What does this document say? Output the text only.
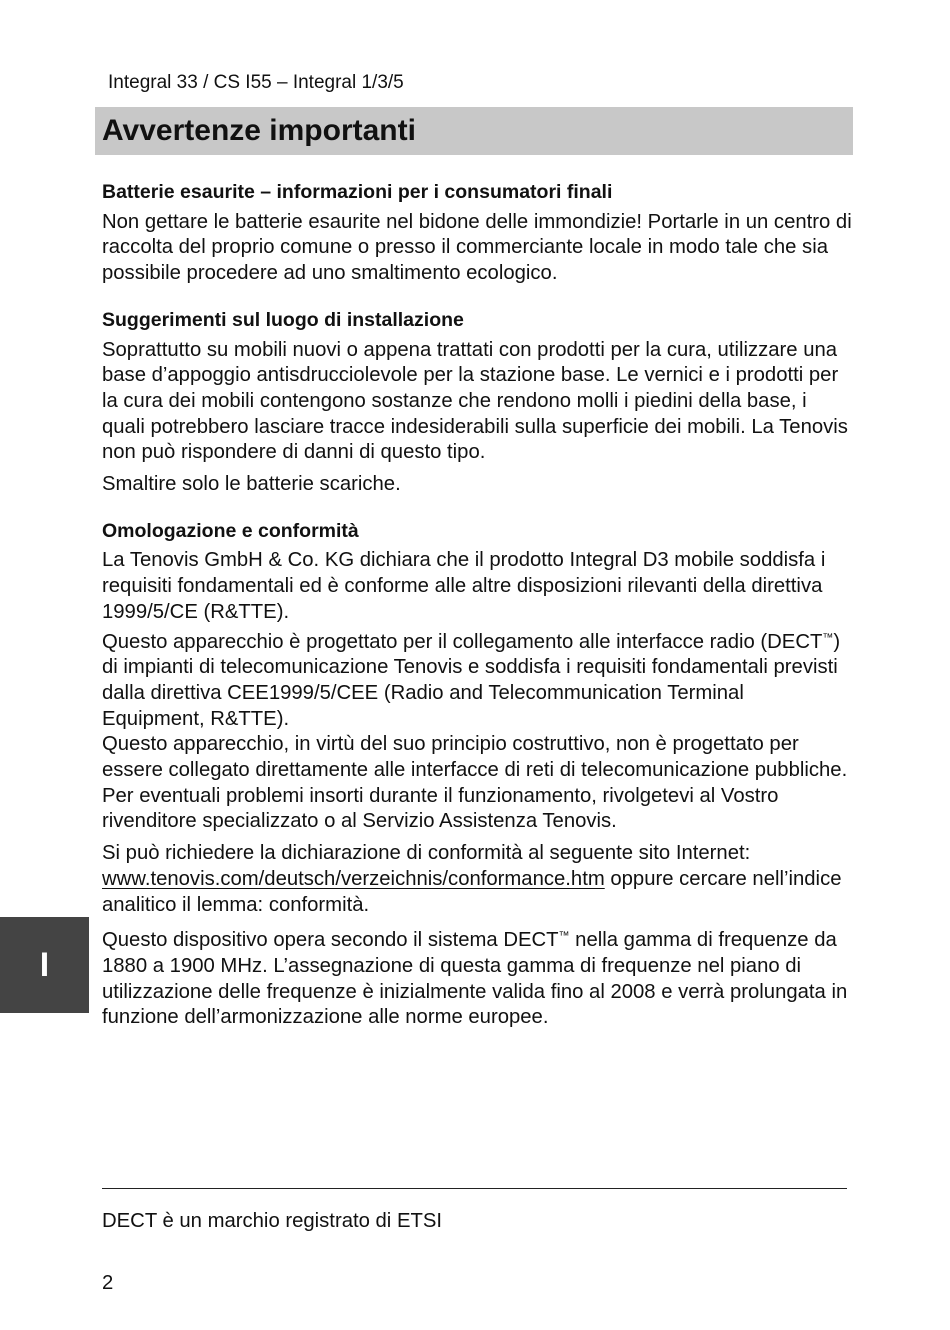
Integral 33 / CS I55 – Integral 1/3/5
Avvertenze importanti
Batterie esaurite – informazioni per i consumatori finali

Non gettare le batterie esaurite nel bidone delle immondizie! Portarle in un centro di raccolta del proprio comune o presso il commerciante locale in modo tale che sia possibile procedere ad uno smaltimento ecologico.

Suggerimenti sul luogo di installazione

Soprattutto su mobili nuovi o appena trattati con prodotti per la cura, utilizzare una base d’appoggio antisdrucciolevole per la stazione base. Le vernici e i prodotti per la cura dei mobili contengono sostanze che rendono molli i piedini della base, i quali potrebbero lasciare tracce indesiderabili sulla superficie dei mobili. La Tenovis non può rispondere di danni di questo tipo.

Smaltire solo le batterie scariche.

Omologazione e conformità

La Tenovis GmbH & Co. KG dichiara che il prodotto Integral D3 mobile soddisfa i requisiti fondamentali ed è conforme alle altre disposizioni rilevanti della direttiva 1999/5/CE (R&TTE).
Questo apparecchio è progettato per il collegamento alle interfacce radio (DECT™) di impianti di telecomunicazione Tenovis e soddisfa i requisiti fondamentali previsti dalla direttiva CEE1999/5/CEE (Radio and Telecommunication Terminal Equipment, R&TTE).
Questo apparecchio, in virtù del suo principio costruttivo, non è progettato per essere collegato direttamente alle interfacce di reti di telecomunicazione pubbliche.
Per eventuali problemi insorti durante il funzionamento, rivolgetevi al Vostro rivenditore specializzato o al Servizio Assistenza Tenovis.

Si può richiedere la dichiarazione di conformità al seguente sito Internet: www.tenovis.com/deutsch/verzeichnis/conformance.htm oppure cercare nell’indice analitico il lemma: conformità.

Questo dispositivo opera secondo il sistema DECT™ nella gamma di frequenze da 1880 a 1900 MHz. L’assegnazione di questa gamma di frequenze nel piano di utilizzazione delle frequenze è inizialmente valida fino al 2008 e verrà prolungata in funzione dell’armonizzazione alle norme europee.

I
DECT è un marchio registrato di ETSI
2
